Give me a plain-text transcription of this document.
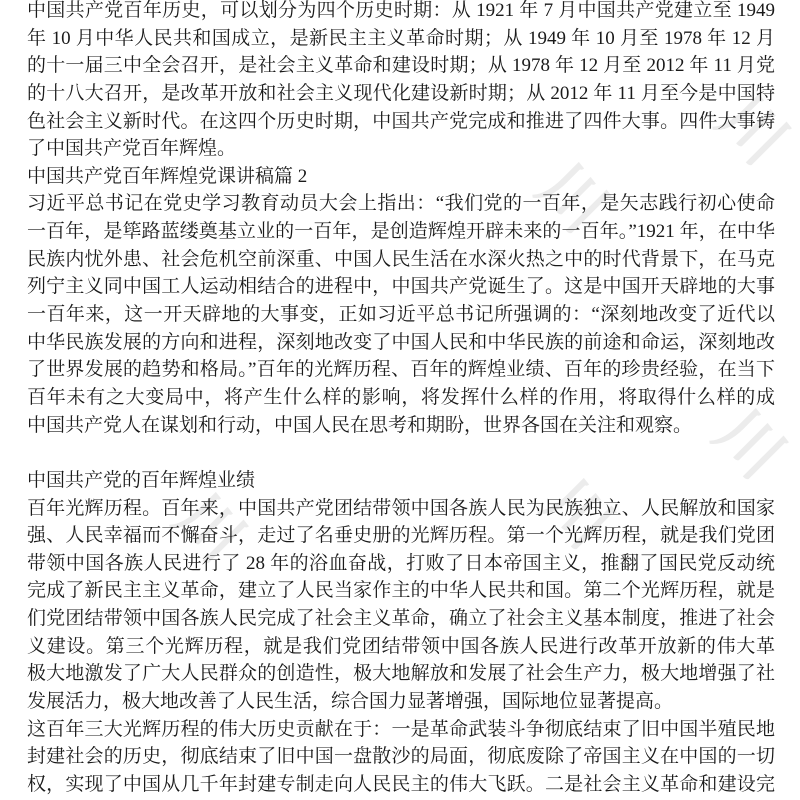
川
川
川
川
川
中国共产党百年历史，可以划分为四个历史时期：从 1921 年 7 月中国共产党建立至 1949
年 10 月中华人民共和国成立，是新民主主义革命时期；从 1949 年 10 月至 1978 年 12 月
的十一届三中全会召开，是社会主义革命和建设时期；从 1978 年 12 月至 2012 年 11 月党
的十八大召开，是改革开放和社会主义现代化建设新时期；从 2012 年 11 月至今是中国特
色社会主义新时代。在这四个历史时期，中国共产党完成和推进了四件大事。四件大事铸
了中国共产党百年辉煌。
中国共产党百年辉煌党课讲稿篇 2
习近平总书记在党史学习教育动员大会上指出：“我们党的一百年，是矢志践行初心使命
一百年，是筚路蓝缕奠基立业的一百年，是创造辉煌开辟未来的一百年。”1921 年，在中华
民族内忧外患、社会危机空前深重、中国人民生活在水深火热之中的时代背景下，在马克
列宁主义同中国工人运动相结合的进程中，中国共产党诞生了。这是中国开天辟地的大事
一百年来，这一开天辟地的大事变，正如习近平总书记所强调的：“深刻地改变了近代以
中华民族发展的方向和进程，深刻地改变了中国人民和中华民族的前途和命运，深刻地改
了世界发展的趋势和格局。”百年的光辉历程、百年的辉煌业绩、百年的珍贵经验，在当下
百年未有之大变局中，将产生什么样的影响，将发挥什么样的作用，将取得什么样的成
中国共产党人在谋划和行动，中国人民在思考和期盼，世界各国在关注和观察。
中国共产党的百年辉煌业绩
百年光辉历程。百年来，中国共产党团结带领中国各族人民为民族独立、人民解放和国家
强、人民幸福而不懈奋斗，走过了名垂史册的光辉历程。第一个光辉历程，就是我们党团
带领中国各族人民进行了 28 年的浴血奋战，打败了日本帝国主义，推翻了国民党反动统
完成了新民主主义革命，建立了人民当家作主的中华人民共和国。第二个光辉历程，就是
们党团结带领中国各族人民完成了社会主义革命，确立了社会主义基本制度，推进了社会
义建设。第三个光辉历程，就是我们党团结带领中国各族人民进行改革开放新的伟大革
极大地激发了广大人民群众的创造性，极大地解放和发展了社会生产力，极大地增强了社
发展活力，极大地改善了人民生活，综合国力显著增强，国际地位显著提高。
这百年三大光辉历程的伟大历史贡献在于：一是革命武装斗争彻底结束了旧中国半殖民地
封建社会的历史，彻底结束了旧中国一盘散沙的局面，彻底废除了帝国主义在中国的一切
权，实现了中国从几千年封建专制走向人民民主的伟大飞跃。二是社会主义革命和建设完
